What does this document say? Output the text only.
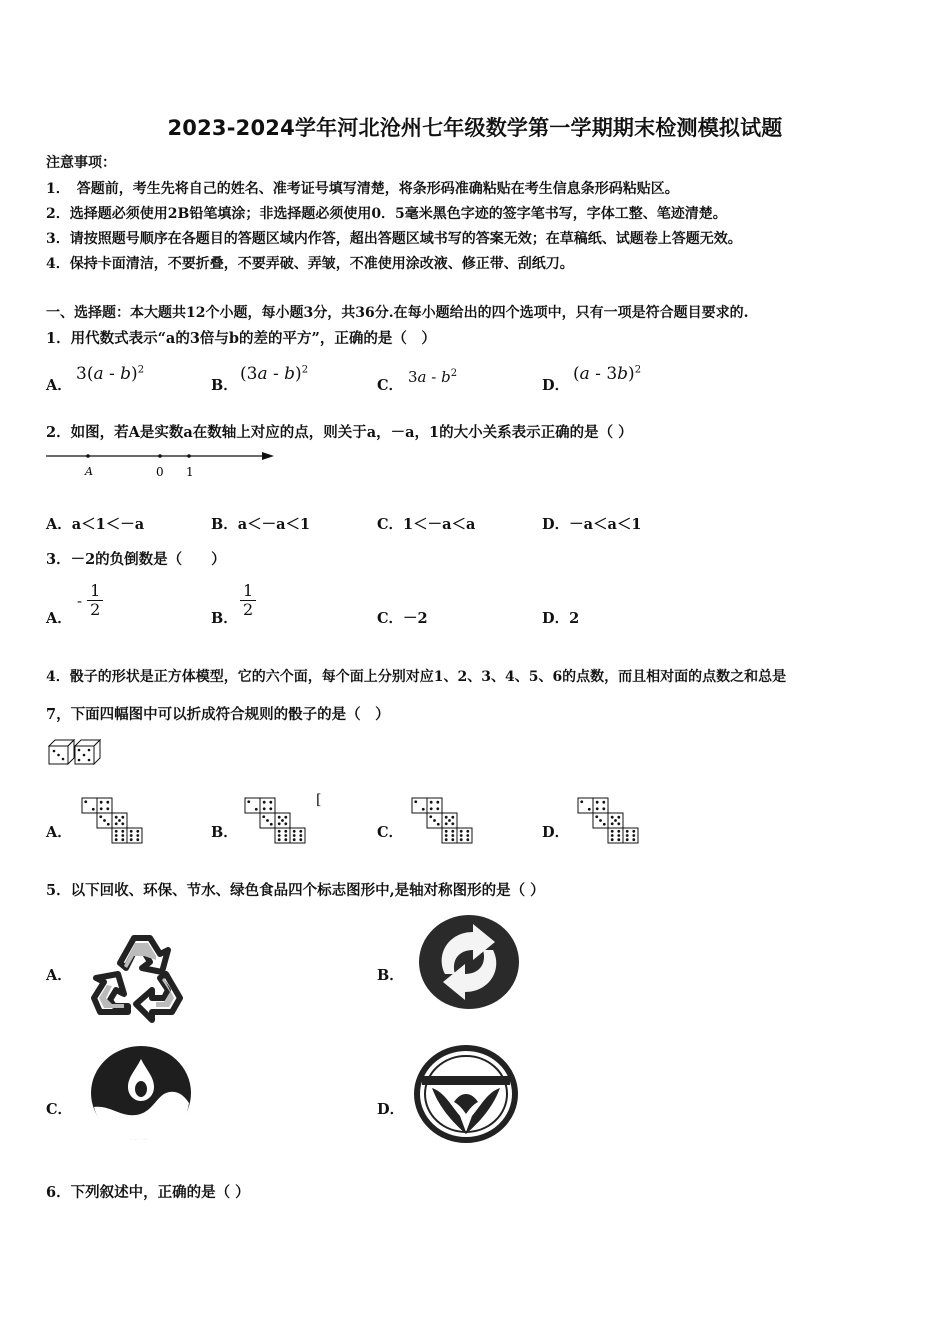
2023-2024学年河北沧州七年级数学第一学期期末检测模拟试题
注意事项：
1．　答题前，考生先将自己的姓名、准考证号填写清楚，将条形码准确粘贴在考生信息条形码粘贴区。
2．选择题必须使用2B铅笔填涂；非选择题必须使用0．5毫米黑色字迹的签字笔书写，字体工整、笔迹清楚。
3．请按照题号顺序在各题目的答题区域内作答，超出答题区域书写的答案无效；在草稿纸、试题卷上答题无效。
4．保持卡面清洁，不要折叠，不要弄破、弄皱，不准使用涂改液、修正带、刮纸刀。
一、选择题：本大题共12个小题，每小题3分，共36分.在每小题给出的四个选项中，只有一项是符合题目要求的.
1．用代数式表示“a的3倍与b的差的平方”，正确的是（　）
A．
3(a - b)$^2$
B．
(3a - b)$^2$
C． $3a - b^2$
D．
(a - 3b)$^2$
2．如图，若A是实数a在数轴上对应的点，则关于a，－a，1的大小关系表示正确的是（ ）
A	0 1
A．a＜1＜－a	B．a＜－a＜1	C．1＜－a＜a	D．－a＜a＜1
3．－2的负倒数是（　　）
A．
- $\frac{1}{2}$	B． $\frac{1}{2}$	C．－2	D．2
4．骰子的形状是正方体模型，它的六个面，每个面上分别对应1、2、3、4、5、6的点数，而且相对面的点数之和总是
7，下面四幅图中可以折成符合规则的骰子的是（　）
A．	B．
[
C．	D．
5．以下回收、环保、节水、绿色食品四个标志图形中,是轴对称图形的是（ ）
A．	B．
C．	D．
6．下列叙述中，正确的是（ ）
